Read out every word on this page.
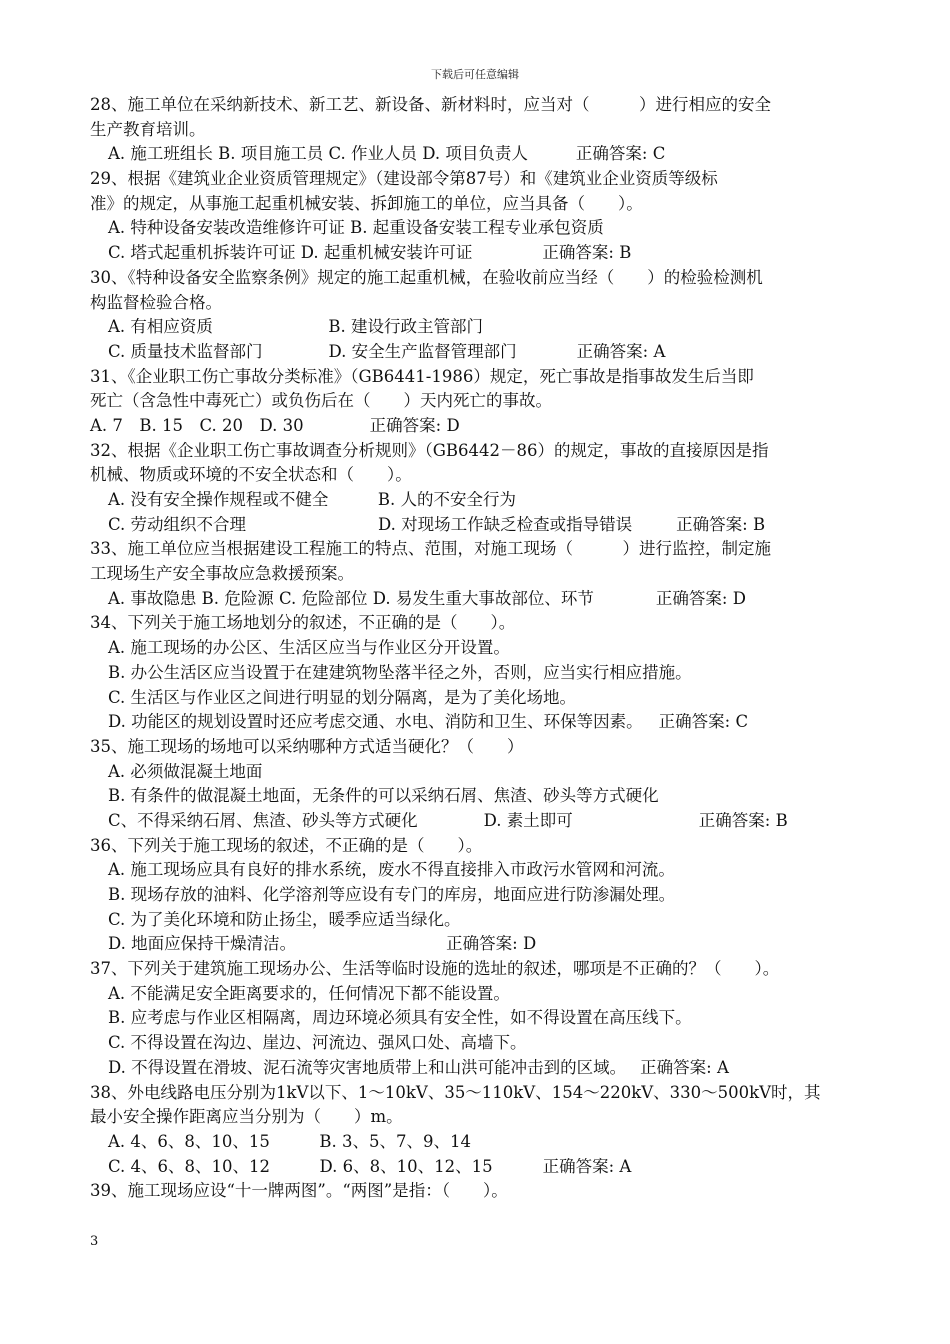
下载后可任意编辑
28、施工单位在采纳新技术、新工艺、新设备、新材料时，应当对（　　　）进行相应的安全
生产教育培训。
A. 施工班组长 B. 项目施工员 C. 作业人员 D. 项目负责人	正确答案: C
29、根据《建筑业企业资质管理规定》（建设部令第87号）和《建筑业企业资质等级标
准》的规定，从事施工起重机械安装、拆卸施工的单位，应当具备（　　）。
A. 特种设备安装改造维修许可证 B. 起重设备安装工程专业承包资质
C. 塔式起重机拆装许可证 D. 起重机械安装许可证	正确答案: B
30、《特种设备安全监察条例》规定的施工起重机械，在验收前应当经（　　）的检验检测机
构监督检验合格。
A. 有相应资质　　　　　　　B. 建设行政主管部门
C. 质量技术监督部门　　　　D. 安全生产监督管理部门	正确答案: A
31、《企业职工伤亡事故分类标准》（GB6441-1986）规定，死亡事故是指事故发生后当即
死亡（含急性中毒死亡）或负伤后在（　　）天内死亡的事故。
A. 7　B. 15　C. 20　D. 30	正确答案: D
32、根据《企业职工伤亡事故调查分析规则》（GB6442－86）的规定，事故的直接原因是指
机械、物质或环境的不安全状态和（　　）。
A. 没有安全操作规程或不健全　　　B. 人的不安全行为
C. 劳动组织不合理　　　　　　　　D. 对现场工作缺乏检查或指导错误	正确答案: B
33、施工单位应当根据建设工程施工的特点、范围，对施工现场（　　　）进行监控，制定施
工现场生产安全事故应急救援预案。
A. 事故隐患 B. 危险源 C. 危险部位 D. 易发生重大事故部位、环节	正确答案: D
34、下列关于施工场地划分的叙述，不正确的是（　　）。
A. 施工现场的办公区、生活区应当与作业区分开设置。
B. 办公生活区应当设置于在建建筑物坠落半径之外，否则，应当实行相应措施。
C. 生活区与作业区之间进行明显的划分隔离，是为了美化场地。
D. 功能区的规划设置时还应考虑交通、水电、消防和卫生、环保等因素。 正确答案: C
35、施工现场的场地可以采纳哪种方式适当硬化？（　　）
A. 必须做混凝土地面
B. 有条件的做混凝土地面，无条件的可以采纳石屑、焦渣、砂头等方式硬化
C、不得采纳石屑、焦渣、砂头等方式硬化　　　　D. 素土即可	正确答案: B
36、下列关于施工现场的叙述，不正确的是（　　）。
A. 施工现场应具有良好的排水系统，废水不得直接排入市政污水管网和河流。
B. 现场存放的油料、化学溶剂等应设有专门的库房，地面应进行防渗漏处理。
C. 为了美化环境和防止扬尘，暖季应适当绿化。
D. 地面应保持干燥清洁。	正确答案: D
37、下列关于建筑施工现场办公、生活等临时设施的选址的叙述，哪项是不正确的？（　　）。
A. 不能满足安全距离要求的，任何情况下都不能设置。
B. 应考虑与作业区相隔离，周边环境必须具有安全性，如不得设置在高压线下。
C. 不得设置在沟边、崖边、河流边、强风口处、高墙下。
D. 不得设置在滑坡、泥石流等灾害地质带上和山洪可能冲击到的区域。 正确答案: A
38、外电线路电压分别为1kV以下、1～10kV、35～110kV、154～220kV、330～500kV时，其
最小安全操作距离应当分别为（　　）m。
A. 4、6、8、10、15　　　B. 3、5、7、9、14
C. 4、6、8、10、12　　　D. 6、8、10、12、15	正确答案: A
39、施工现场应设“十一牌两图”。“两图”是指：（　　）。
3
